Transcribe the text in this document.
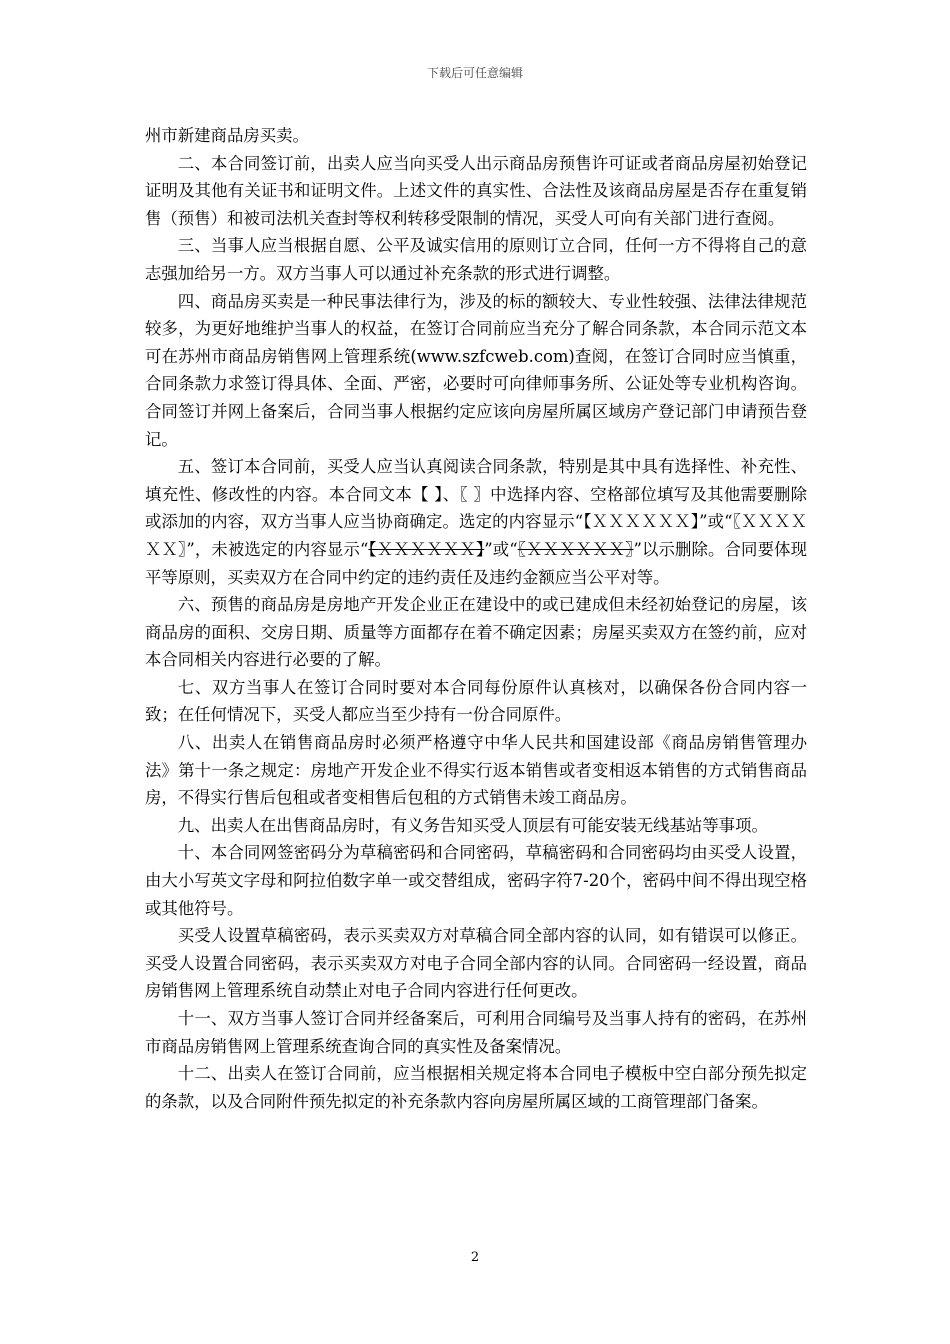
下载后可任意编辑

州市新建商品房买卖。

二、本合同签订前，出卖人应当向买受人出示商品房预售许可证或者商品房屋初始登记证明及其他有关证书和证明文件。上述文件的真实性、合法性及该商品房屋是否存在重复销售（预售）和被司法机关查封等权利转移受限制的情况，买受人可向有关部门进行查阅。

三、当事人应当根据自愿、公平及诚实信用的原则订立合同，任何一方不得将自己的意志强加给另一方。双方当事人可以通过补充条款的形式进行调整。

四、商品房买卖是一种民事法律行为，涉及的标的额较大、专业性较强、法律法律规范较多，为更好地维护当事人的权益，在签订合同前应当充分了解合同条款，本合同示范文本可在苏州市商品房销售网上管理系统(www.szfcweb.com)查阅，在签订合同时应当慎重，合同条款力求签订得具体、全面、严密，必要时可向律师事务所、公证处等专业机构咨询。合同签订并网上备案后，合同当事人根据约定应该向房屋所属区域房产登记部门申请预告登记。

五、签订本合同前，买受人应当认真阅读合同条款，特别是其中具有选择性、补充性、填充性、修改性的内容。本合同文本【 】、〖 〗中选择内容、空格部位填写及其他需要删除或添加的内容，双方当事人应当协商确定。选定的内容显示“【ＸＸＸＸＸＸ】”或“〖ＸＸＸＸＸＸ〗”，未被选定的内容显示“【ＸＸＸＸＸＸ】”或“〖ＸＸＸＸＸＸ〗”以示删除。合同要体现平等原则，买卖双方在合同中约定的违约责任及违约金额应当公平对等。

六、预售的商品房是房地产开发企业正在建设中的或已建成但未经初始登记的房屋，该商品房的面积、交房日期、质量等方面都存在着不确定因素；房屋买卖双方在签约前，应对本合同相关内容进行必要的了解。

七、双方当事人在签订合同时要对本合同每份原件认真核对，以确保各份合同内容一致；在任何情况下，买受人都应当至少持有一份合同原件。

八、出卖人在销售商品房时必须严格遵守中华人民共和国建设部《商品房销售管理办法》第十一条之规定：房地产开发企业不得实行返本销售或者变相返本销售的方式销售商品房，不得实行售后包租或者变相售后包租的方式销售未竣工商品房。

九、出卖人在出售商品房时，有义务告知买受人顶层有可能安装无线基站等事项。

十、本合同网签密码分为草稿密码和合同密码，草稿密码和合同密码均由买受人设置，由大小写英文字母和阿拉伯数字单一或交替组成，密码字符7-20个，密码中间不得出现空格或其他符号。

买受人设置草稿密码，表示买卖双方对草稿合同全部内容的认同，如有错误可以修正。买受人设置合同密码，表示买卖双方对电子合同全部内容的认同。合同密码一经设置，商品房销售网上管理系统自动禁止对电子合同内容进行任何更改。

十一、双方当事人签订合同并经备案后，可利用合同编号及当事人持有的密码，在苏州市商品房销售网上管理系统查询合同的真实性及备案情况。

十二、出卖人在签订合同前，应当根据相关规定将本合同电子模板中空白部分预先拟定的条款，以及合同附件预先拟定的补充条款内容向房屋所属区域的工商管理部门备案。

2
